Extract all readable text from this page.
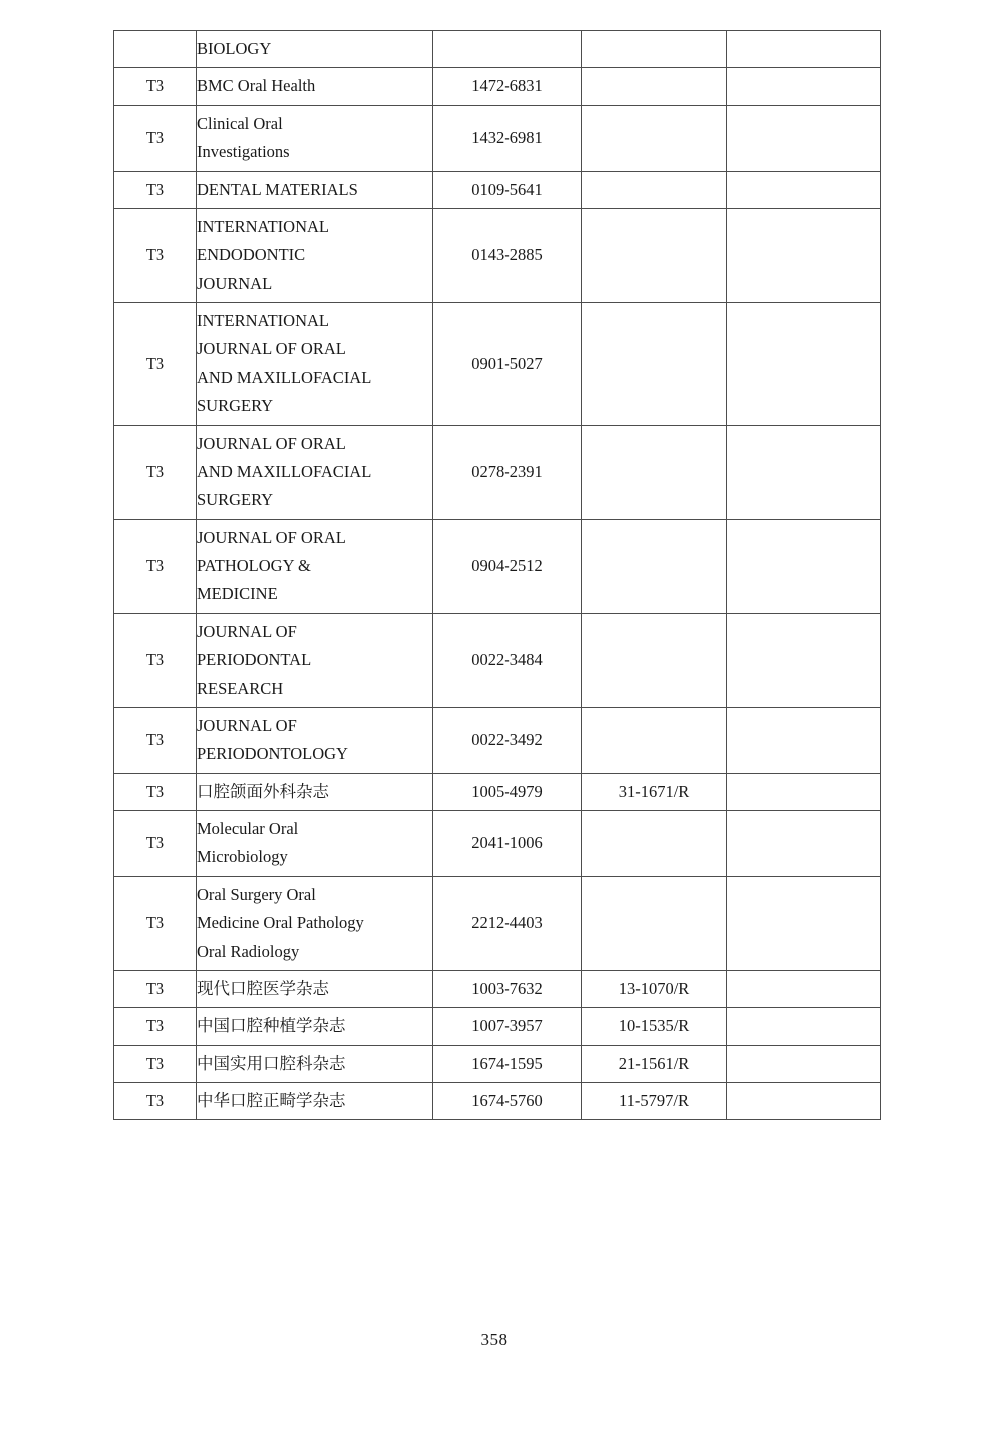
	BIOLOGY			

T3	BMC Oral Health	1472-6831		
T3	Clinical Oral
Investigations	1432-6981		
T3	DENTAL MATERIALS	0109-5641		
T3	INTERNATIONAL
ENDODONTIC
JOURNAL	0143-2885		
T3	INTERNATIONAL
JOURNAL OF ORAL
AND MAXILLOFACIAL
SURGERY	0901-5027		
T3	JOURNAL OF ORAL
AND MAXILLOFACIAL
SURGERY	0278-2391		
T3	JOURNAL OF ORAL
PATHOLOGY &
MEDICINE	0904-2512		
T3	JOURNAL OF
PERIODONTAL
RESEARCH	0022-3484		
T3	JOURNAL OF
PERIODONTOLOGY	0022-3492		
T3	口腔颌面外科杂志	1005-4979	31-1671/R	
T3	Molecular Oral
Microbiology	2041-1006		
T3	Oral Surgery Oral
Medicine Oral Pathology
Oral Radiology	2212-4403		
T3	现代口腔医学杂志	1003-7632	13-1070/R	
T3	中国口腔种植学杂志	1007-3957	10-1535/R	
T3	中国实用口腔科杂志	1674-1595	21-1561/R	
T3	中华口腔正畸学杂志	1674-5760	11-5797/R	
358
